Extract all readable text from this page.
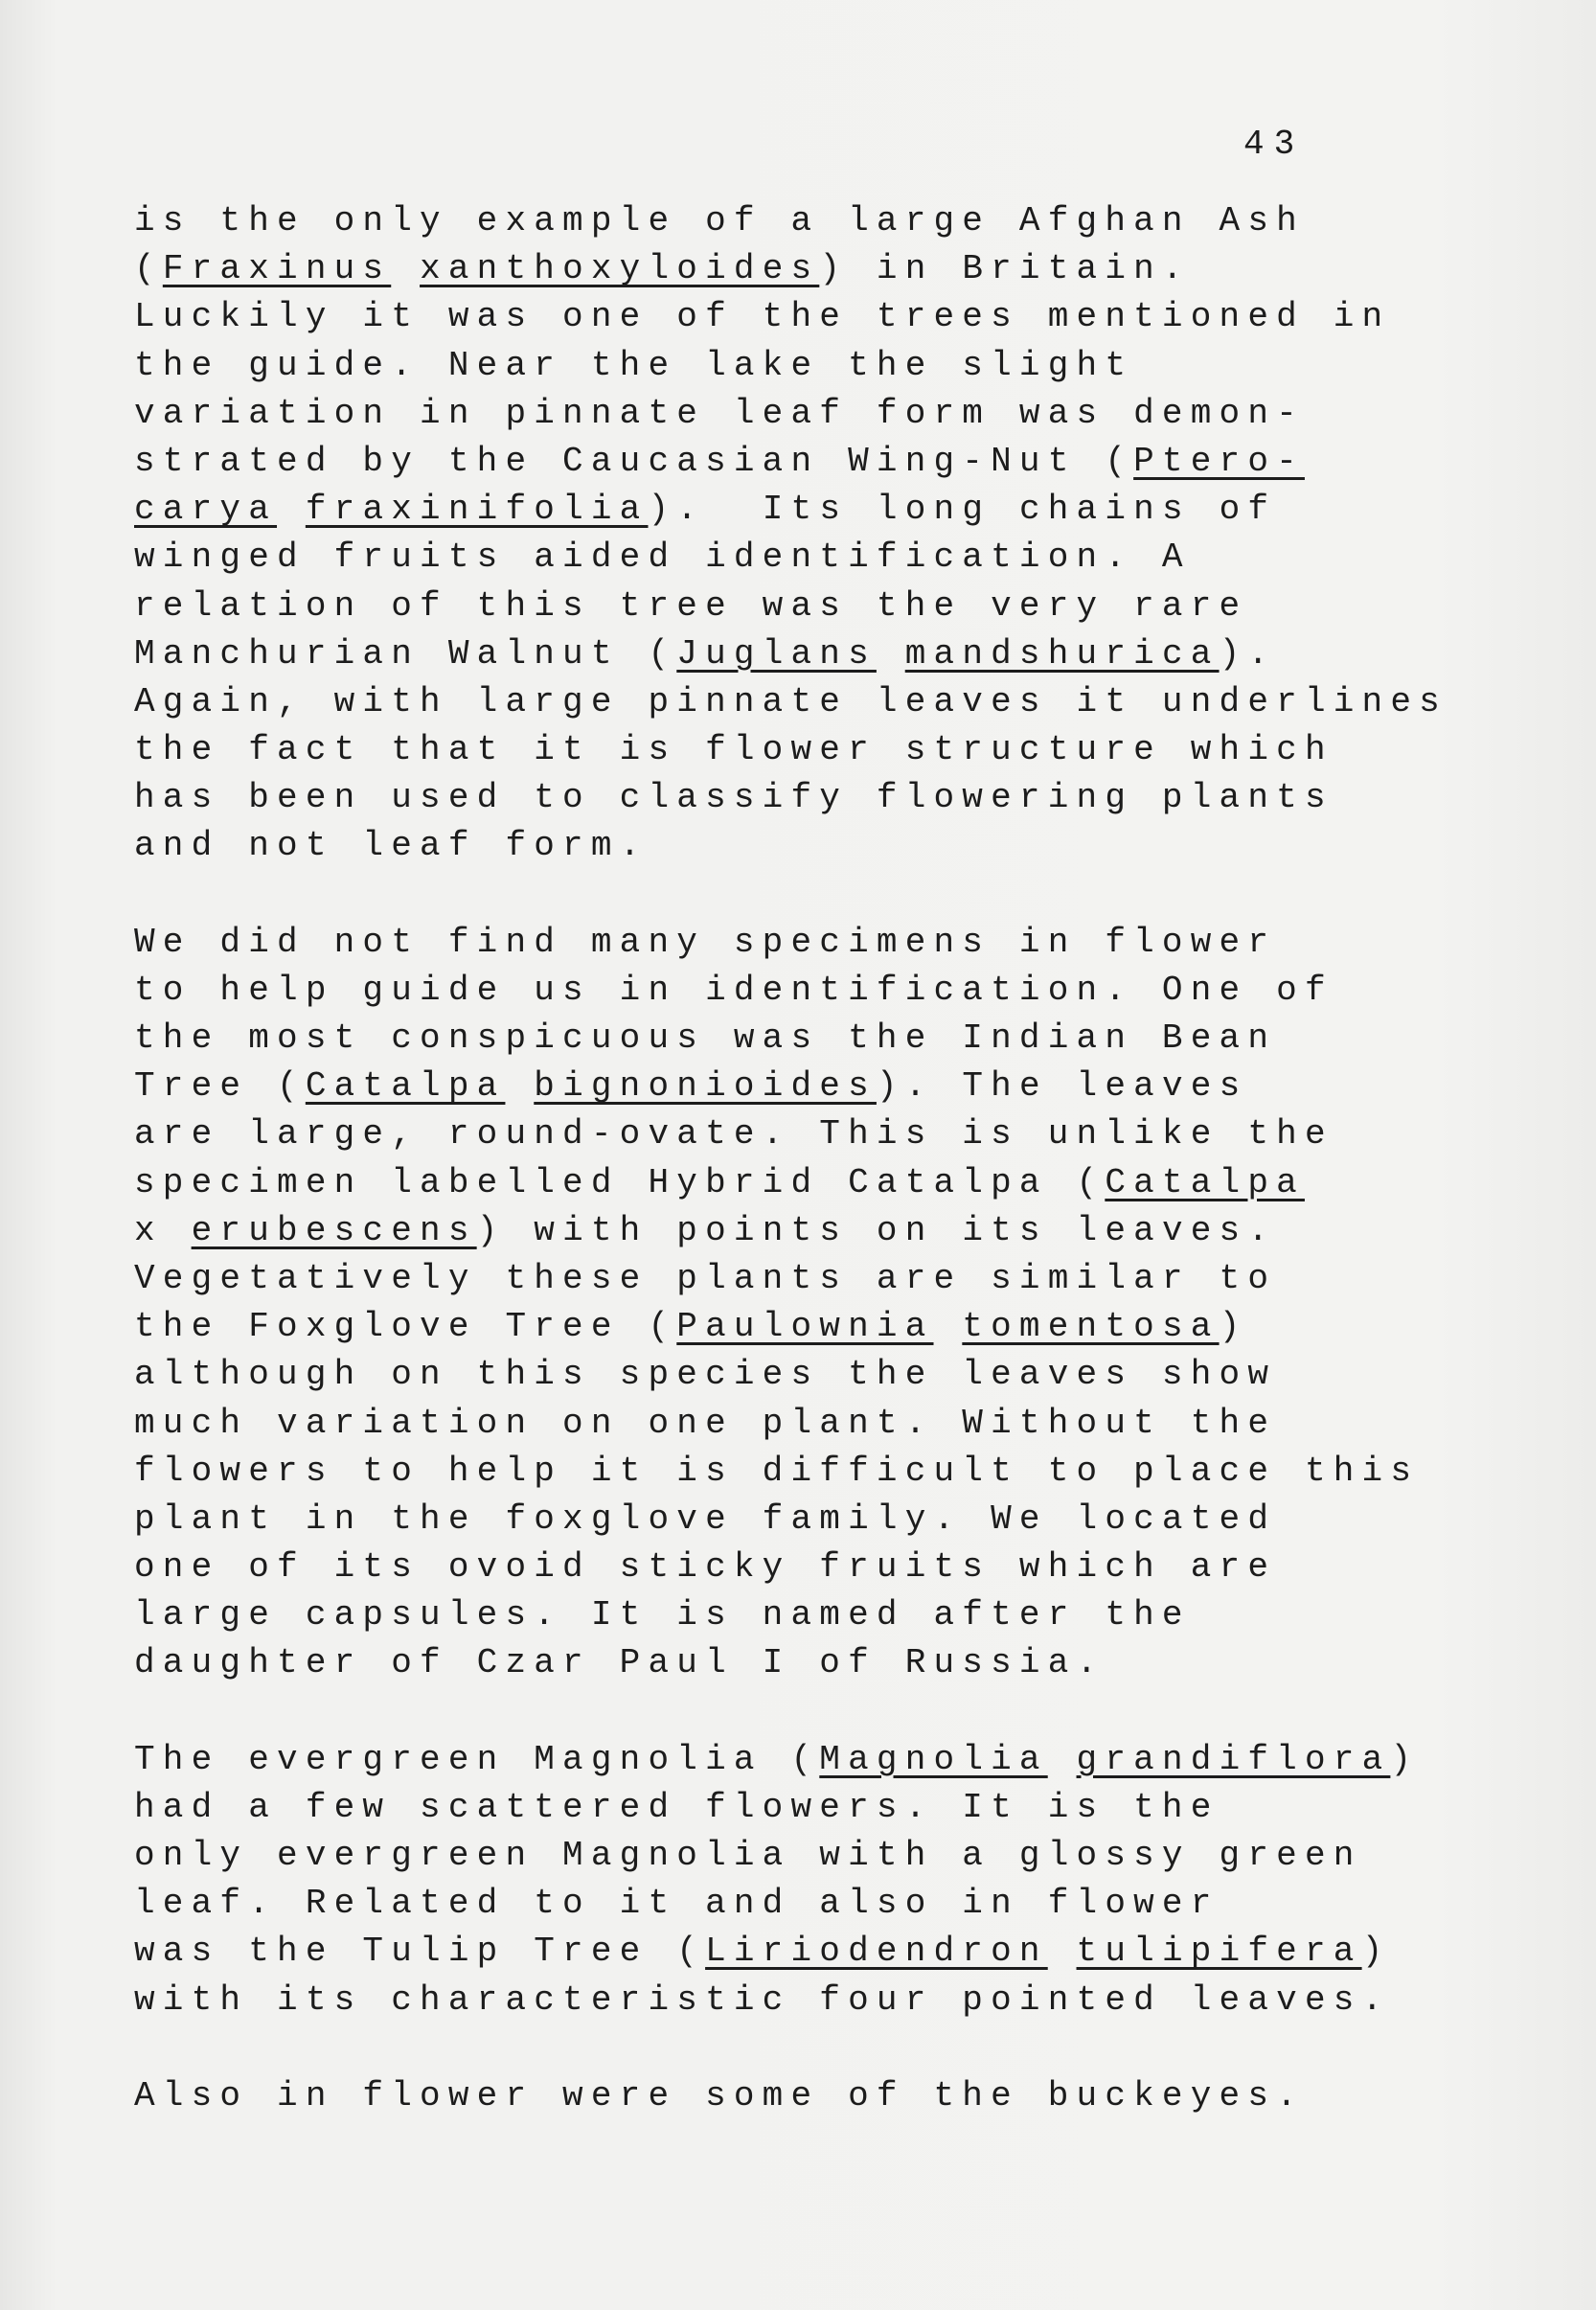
43
is the only example of a large Afghan Ash
(Fraxinus xanthoxyloides) in Britain.
Luckily it was one of the trees mentioned in
the guide. Near the lake the slight
variation in pinnate leaf form was demon-
strated by the Caucasian Wing-Nut (Ptero-
carya fraxinifolia).  Its long chains of
winged fruits aided identification. A
relation of this tree was the very rare
Manchurian Walnut (Juglans mandshurica).
Again, with large pinnate leaves it underlines
the fact that it is flower structure which
has been used to classify flowering plants
and not leaf form.
We did not find many specimens in flower
to help guide us in identification. One of
the most conspicuous was the Indian Bean
Tree (Catalpa bignonioides). The leaves
are large, round-ovate. This is unlike the
specimen labelled Hybrid Catalpa (Catalpa
x erubescens) with points on its leaves.
Vegetatively these plants are similar to
the Foxglove Tree (Paulownia tomentosa)
although on this species the leaves show
much variation on one plant. Without the
flowers to help it is difficult to place this
plant in the foxglove family. We located
one of its ovoid sticky fruits which are
large capsules. It is named after the
daughter of Czar Paul I of Russia.
The evergreen Magnolia (Magnolia grandiflora)
had a few scattered flowers. It is the
only evergreen Magnolia with a glossy green
leaf. Related to it and also in flower
was the Tulip Tree (Liriodendron tulipifera)
with its characteristic four pointed leaves.
Also in flower were some of the buckeyes.
